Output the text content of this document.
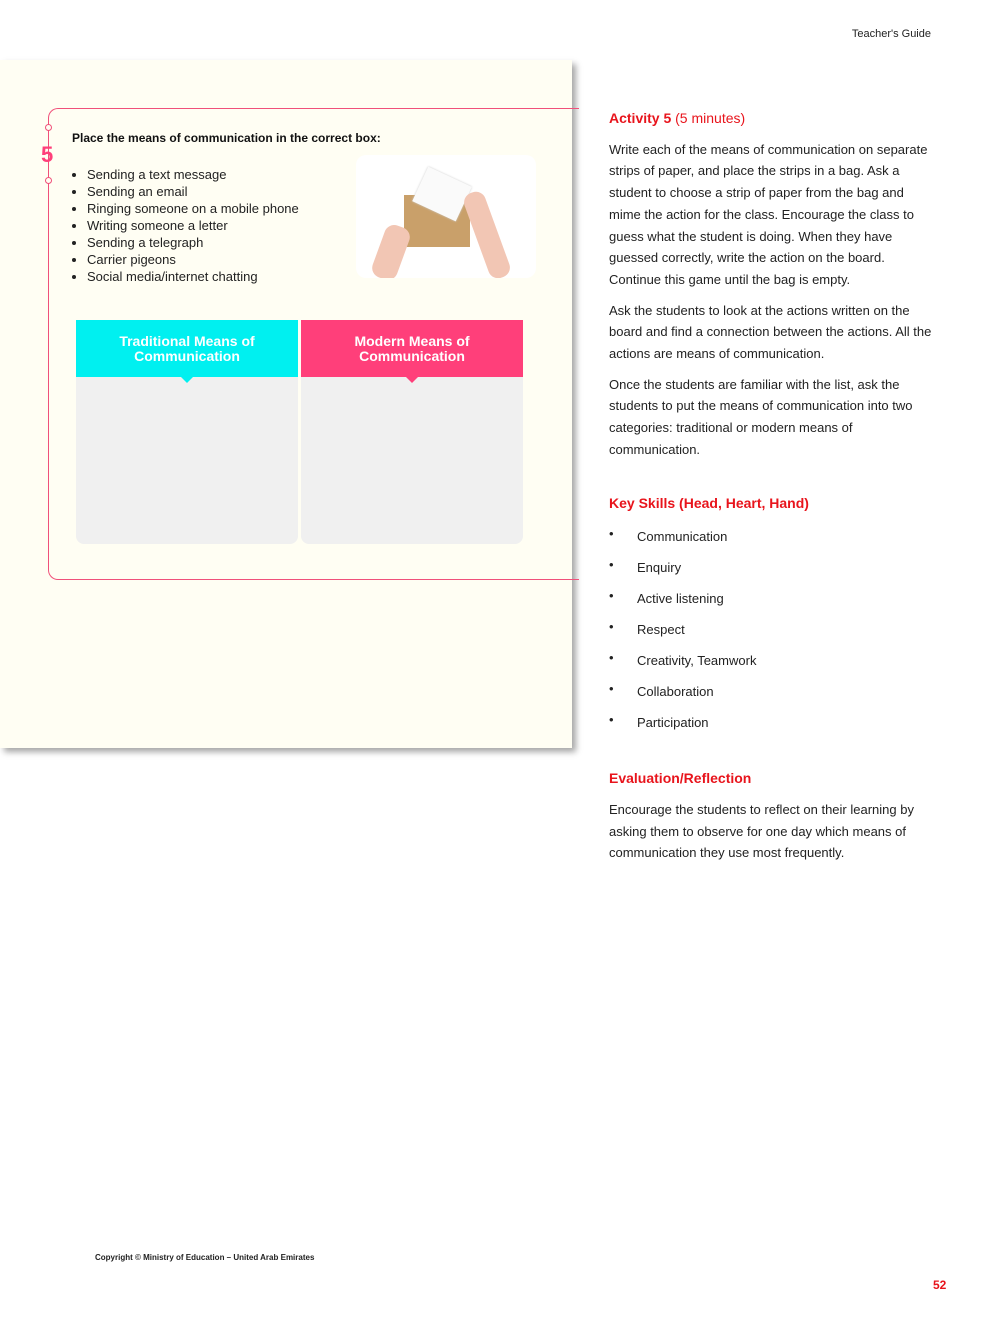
Teacher's Guide
5
Place the means of communication in the correct box:
• Sending a text message
• Sending an email
• Ringing someone on a mobile phone
• Writing someone a letter
• Sending a telegraph
• Carrier pigeons
• Social media/internet chatting
Traditional Means of Communication
Modern Means of Communication
Activity 5 (5 minutes)

Write each of the means of communication on separate strips of paper, and place the strips in a bag. Ask a student to choose a strip of paper from the bag and mime the action for the class. Encourage the class to guess what the student is doing. When they have guessed correctly, write the action on the board. Continue this game until the bag is empty.

Ask the students to look at the actions written on the board and find a connection between the actions. All the actions are means of communication.

Once the students are familiar with the list, ask the students to put the means of communication into two categories: traditional or modern means of communication.

Key Skills (Head, Heart, Hand)
• Communication
• Enquiry
• Active listening
• Respect
• Creativity, Teamwork
• Collaboration
• Participation
Evaluation/Reflection

Encourage the students to reflect on their learning by asking them to observe for one day which means of communication they use most frequently.

Copyright © Ministry of Education – United Arab Emirates
52
